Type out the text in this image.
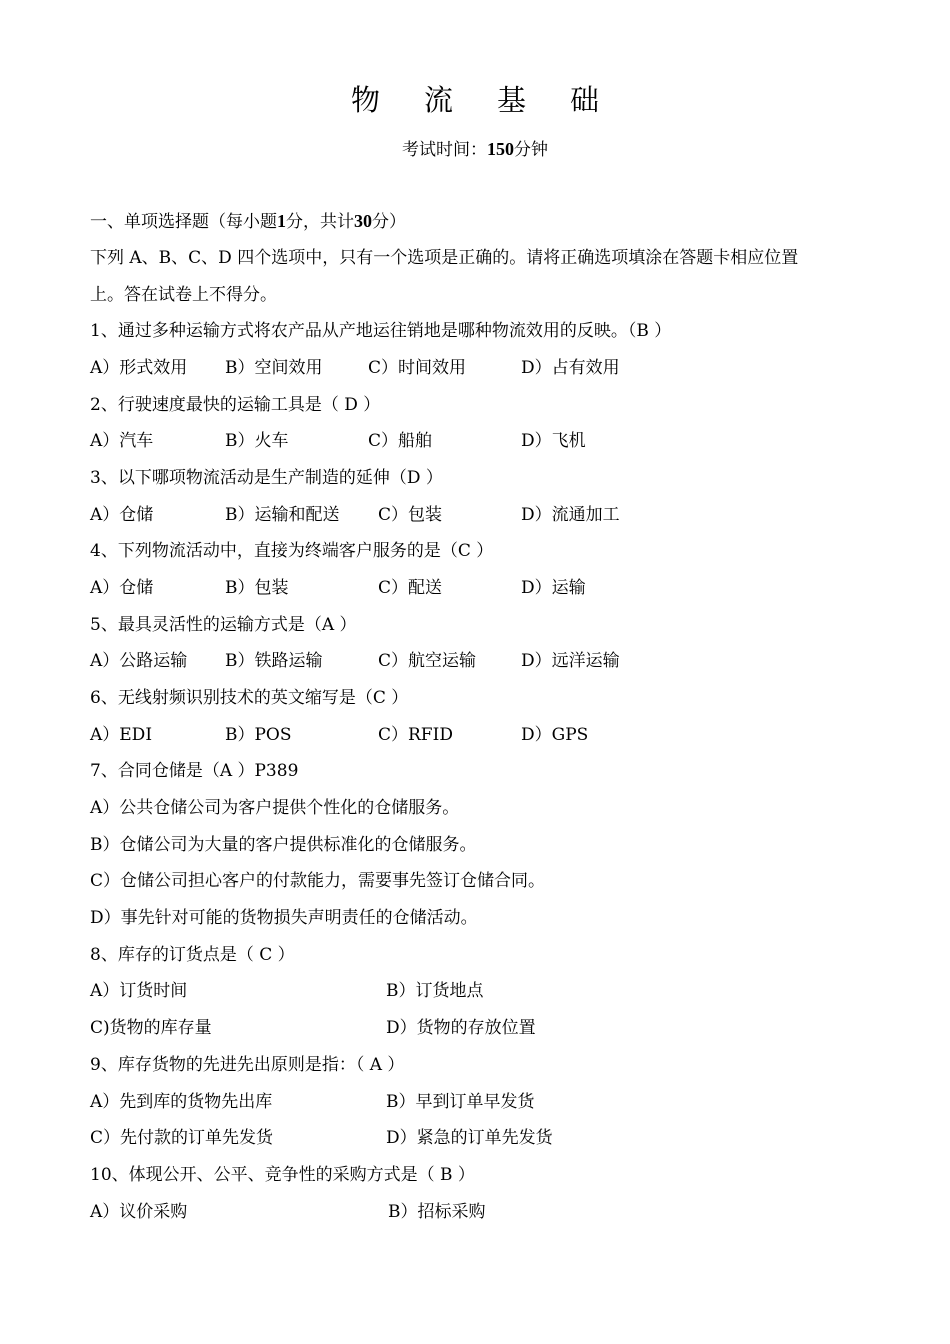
物 流 基 础
考试时间：150分钟
一、单项选择题（每小题1分，共计30分）
下列 A、B、C、D 四个选项中，只有一个选项是正确的。请将正确选项填涂在答题卡相应位置
上。答在试卷上不得分。
1、通过多种运输方式将农产品从产地运往销地是哪种物流效用的反映。（B ）
A）形式效用 B）空间效用	C）时间效用	D）占有效用
2、行驶速度最快的运输工具是（ D ）
A）汽车	B）火车	C）船舶	D）飞机
3、以下哪项物流活动是生产制造的延伸（D ）
A）仓储	B）运输和配送 C）包装	D）流通加工
4、下列物流活动中，直接为终端客户服务的是（C ）
A）仓储	B）包装	C）配送	D）运输
5、最具灵活性的运输方式是（A ）
A）公路运输 B）铁路运输	C）航空运输	D）远洋运输
6、无线射频识别技术的英文缩写是（C ）
A）EDI	B）POS	C）RFID	D）GPS
7、合同仓储是（A ）P389
A）公共仓储公司为客户提供个性化的仓储服务。
B）仓储公司为大量的客户提供标准化的仓储服务。
C）仓储公司担心客户的付款能力，需要事先签订仓储合同。
D）事先针对可能的货物损失声明责任的仓储活动。
8、库存的订货点是（ C ）
A）订货时间	B）订货地点
C)货物的库存量	D）货物的存放位置
9、库存货物的先进先出原则是指：（ A ）
A）先到库的货物先出库	B）早到订单早发货
C）先付款的订单先发货	D）紧急的订单先发货
10、体现公开、公平、竞争性的采购方式是（ B ）
A）议价采购	B）招标采购
